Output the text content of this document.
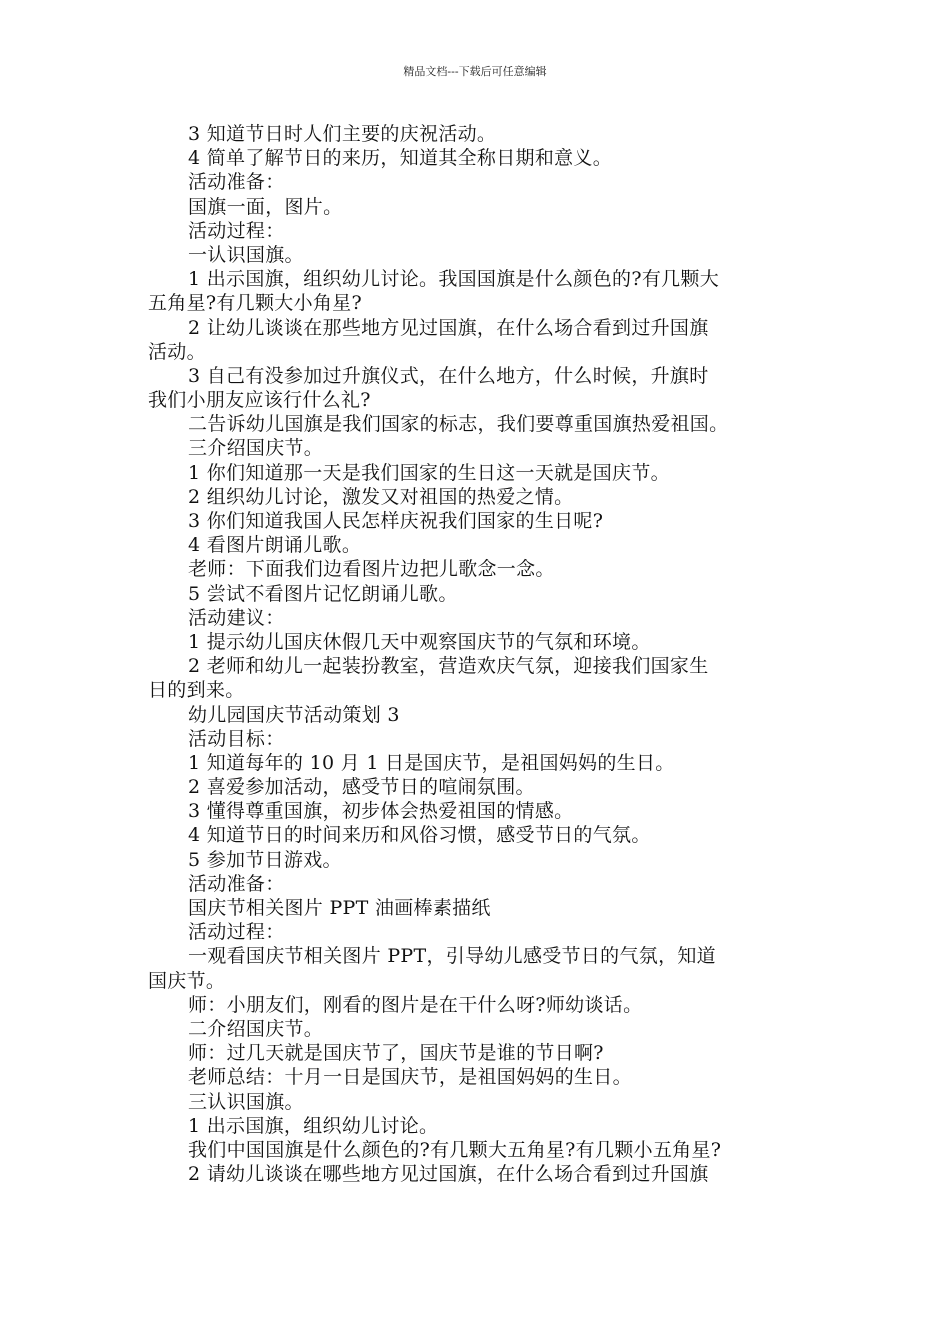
精品文档---下载后可任意编辑

3 知道节日时人们主要的庆祝活动。

4 简单了解节日的来历，知道其全称日期和意义。

活动准备：

国旗一面，图片。

活动过程：

一认识国旗。

1 出示国旗，组织幼儿讨论。我国国旗是什么颜色的?有几颗大

五角星?有几颗大小角星?

2 让幼儿谈谈在那些地方见过国旗，在什么场合看到过升国旗

活动。

3 自己有没参加过升旗仪式，在什么地方，什么时候，升旗时

我们小朋友应该行什么礼?

二告诉幼儿国旗是我们国家的标志，我们要尊重国旗热爱祖国。

三介绍国庆节。

1 你们知道那一天是我们国家的生日这一天就是国庆节。

2 组织幼儿讨论，激发又对祖国的热爱之情。

3 你们知道我国人民怎样庆祝我们国家的生日呢?

4 看图片朗诵儿歌。

老师：下面我们边看图片边把儿歌念一念。

5 尝试不看图片记忆朗诵儿歌。

活动建议：

1 提示幼儿国庆休假几天中观察国庆节的气氛和环境。

2 老师和幼儿一起装扮教室，营造欢庆气氛，迎接我们国家生

日的到来。

幼儿园国庆节活动策划 3

活动目标：

1 知道每年的 10 月 1 日是国庆节，是祖国妈妈的生日。

2 喜爱参加活动，感受节日的喧闹氛围。

3 懂得尊重国旗，初步体会热爱祖国的情感。

4 知道节日的时间来历和风俗习惯，感受节日的气氛。

5 参加节日游戏。

活动准备：

国庆节相关图片 PPT 油画棒素描纸

活动过程：

一观看国庆节相关图片 PPT，引导幼儿感受节日的气氛，知道

国庆节。

师：小朋友们，刚看的图片是在干什么呀?师幼谈话。

二介绍国庆节。

师：过几天就是国庆节了，国庆节是谁的节日啊?

老师总结：十月一日是国庆节，是祖国妈妈的生日。

三认识国旗。

1 出示国旗，组织幼儿讨论。

我们中国国旗是什么颜色的?有几颗大五角星?有几颗小五角星?

2 请幼儿谈谈在哪些地方见过国旗，在什么场合看到过升国旗
